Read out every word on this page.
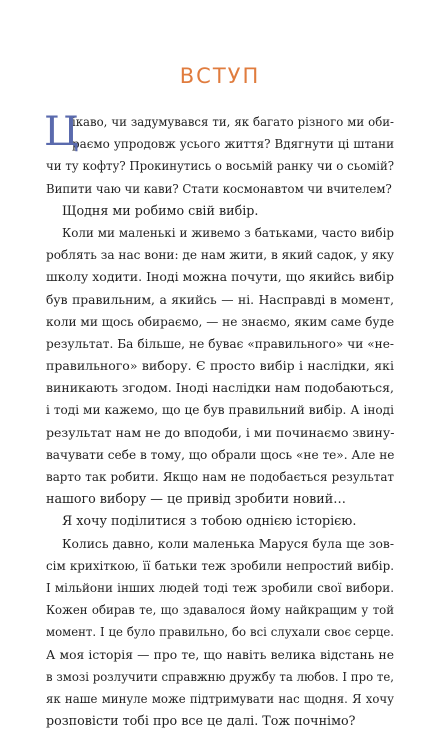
ВСТУП
Ц
ікаво, чи задумувався ти, як багато різного ми оби-
раємо упродовж усього життя? Вдягнути ці штани
чи ту кофту? Прокинутись о восьмій ранку чи о сьомій?
Випити чаю чи кави? Стати космонавтом чи вчителем?
Щодня ми робимо свій вибір.
Коли ми маленькі и живемо з батьками, часто вибір
роблять за нас вони: де нам жити, в який садок, у яку
школу ходити. Іноді можна почути, що якийсь вибір
був правильним, а якийсь — ні. Насправді в момент,
коли ми щось обираємо, — не знаємо, яким саме буде
результат. Ба більше, не буває «правильного» чи «не-
правильного» вибору. Є просто вибір і наслідки, які
виникають згодом. Іноді наслідки нам подобаються,
і тоді ми кажемо, що це був правильний вибір. А іноді
результат нам не до вподоби, і ми починаємо звину-
вачувати себе в тому, що обрали щось «не те». Але не
варто так робити. Якщо нам не подобається результат
нашого вибору — це привід зробити новий…
Я хочу поділитися з тобою однією історією.
Колись давно, коли маленька Маруся була ще зов-
сім крихіткою, її батьки теж зробили непростий вибір.
І мільйони інших людей тоді теж зробили свої вибори.
Кожен обирав те, що здавалося йому найкращим у той
момент. І це було правильно, бо всі слухали своє серце.
А моя історія — про те, що навіть велика відстань не
в змозі розлучити справжню дружбу та любов. І про те,
як наше минуле може підтримувати нас щодня. Я хочу
розповісти тобі про все це далі. Тож почнімо?
